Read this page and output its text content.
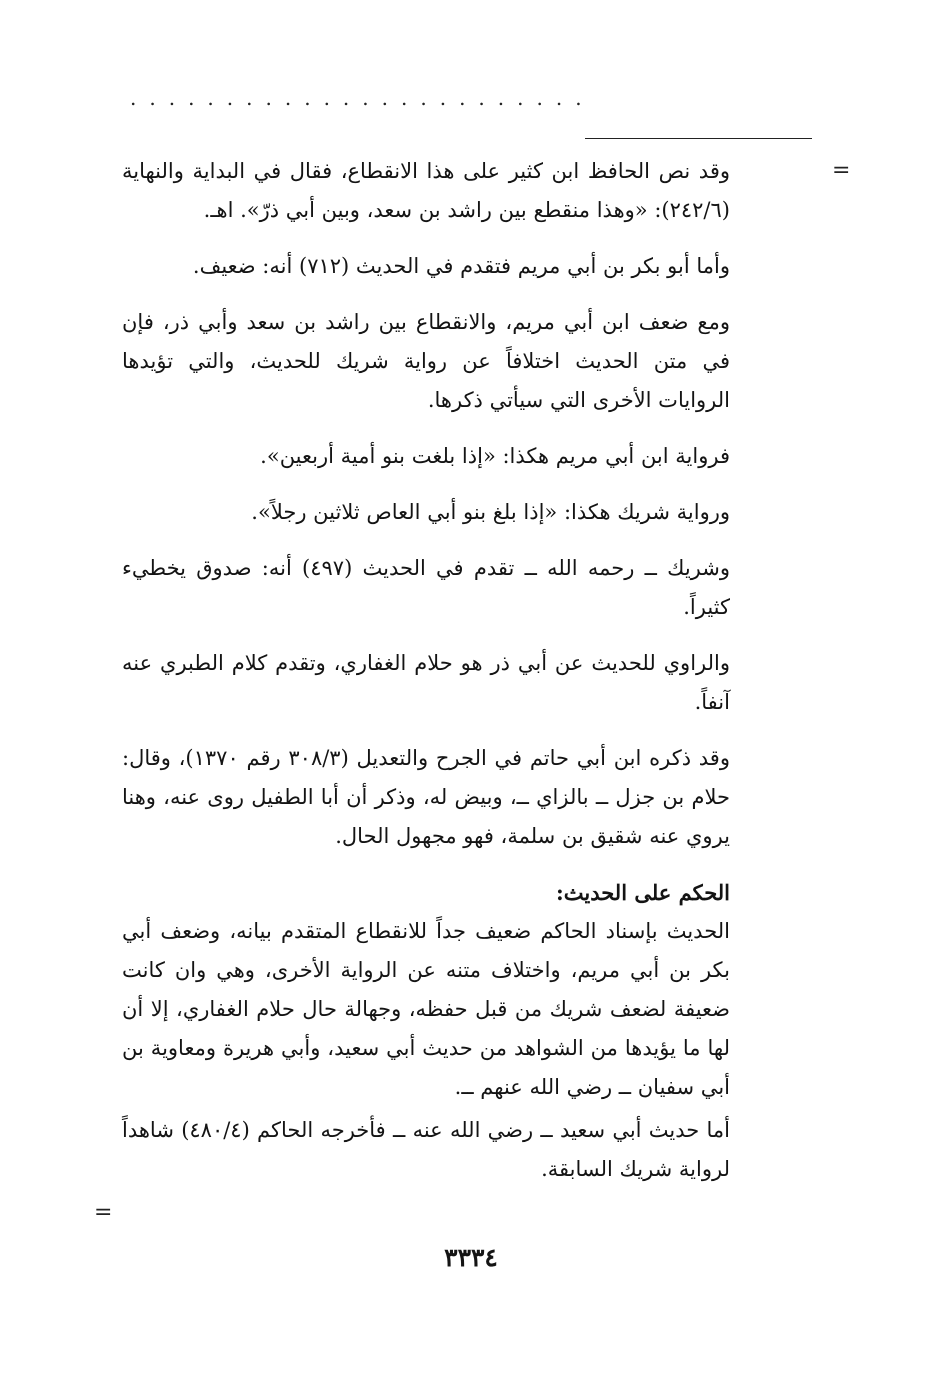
........................
=

وقد نص الحافظ ابن كثير على هذا الانقطاع، فقال في البداية والنهاية (٢٤٢/٦): «وهذا منقطع بين راشد بن سعد، وبين أبي ذرّ». اهـ.

وأما أبو بكر بن أبي مريم فتقدم في الحديث (٧١٢) أنه: ضعيف.

ومع ضعف ابن أبي مريم، والانقطاع بين راشد بن سعد وأبي ذر، فإن في متن الحديث اختلافاً عن رواية شريك للحديث، والتي تؤيدها الروايات الأخرى التي سيأتي ذكرها.

فرواية ابن أبي مريم هكذا: «إذا بلغت بنو أمية أربعين».

ورواية شريك هكذا: «إذا بلغ بنو أبي العاص ثلاثين رجلاً».

وشريك ــ رحمه الله ــ تقدم في الحديث (٤٩٧) أنه: صدوق يخطيء كثيراً.

والراوي للحديث عن أبي ذر هو حلام الغفاري، وتقدم كلام الطبري عنه آنفاً.

وقد ذكره ابن أبي حاتم في الجرح والتعديل (٣٠٨/٣ رقم ١٣٧٠)، وقال: حلام بن جزل ــ بالزاي ــ، وبيض له، وذكر أن أبا الطفيل روى عنه، وهنا يروي عنه شقيق بن سلمة، فهو مجهول الحال.

الحكم على الحديث:

الحديث بإسناد الحاكم ضعيف جداً للانقطاع المتقدم بيانه، وضعف أبي بكر بن أبي مريم، واختلاف متنه عن الرواية الأخرى، وهي وان كانت ضعيفة لضعف شريك من قبل حفظه، وجهالة حال حلام الغفاري، إلا أن لها ما يؤيدها من الشواهد من حديث أبي سعيد، وأبي هريرة ومعاوية بن أبي سفيان ــ رضي الله عنهم ــ.

أما حديث أبي سعيد ــ رضي الله عنه ــ فأخرجه الحاكم (٤٨٠/٤) شاهداً لرواية شريك السابقة.

=
٣٣٣٤
